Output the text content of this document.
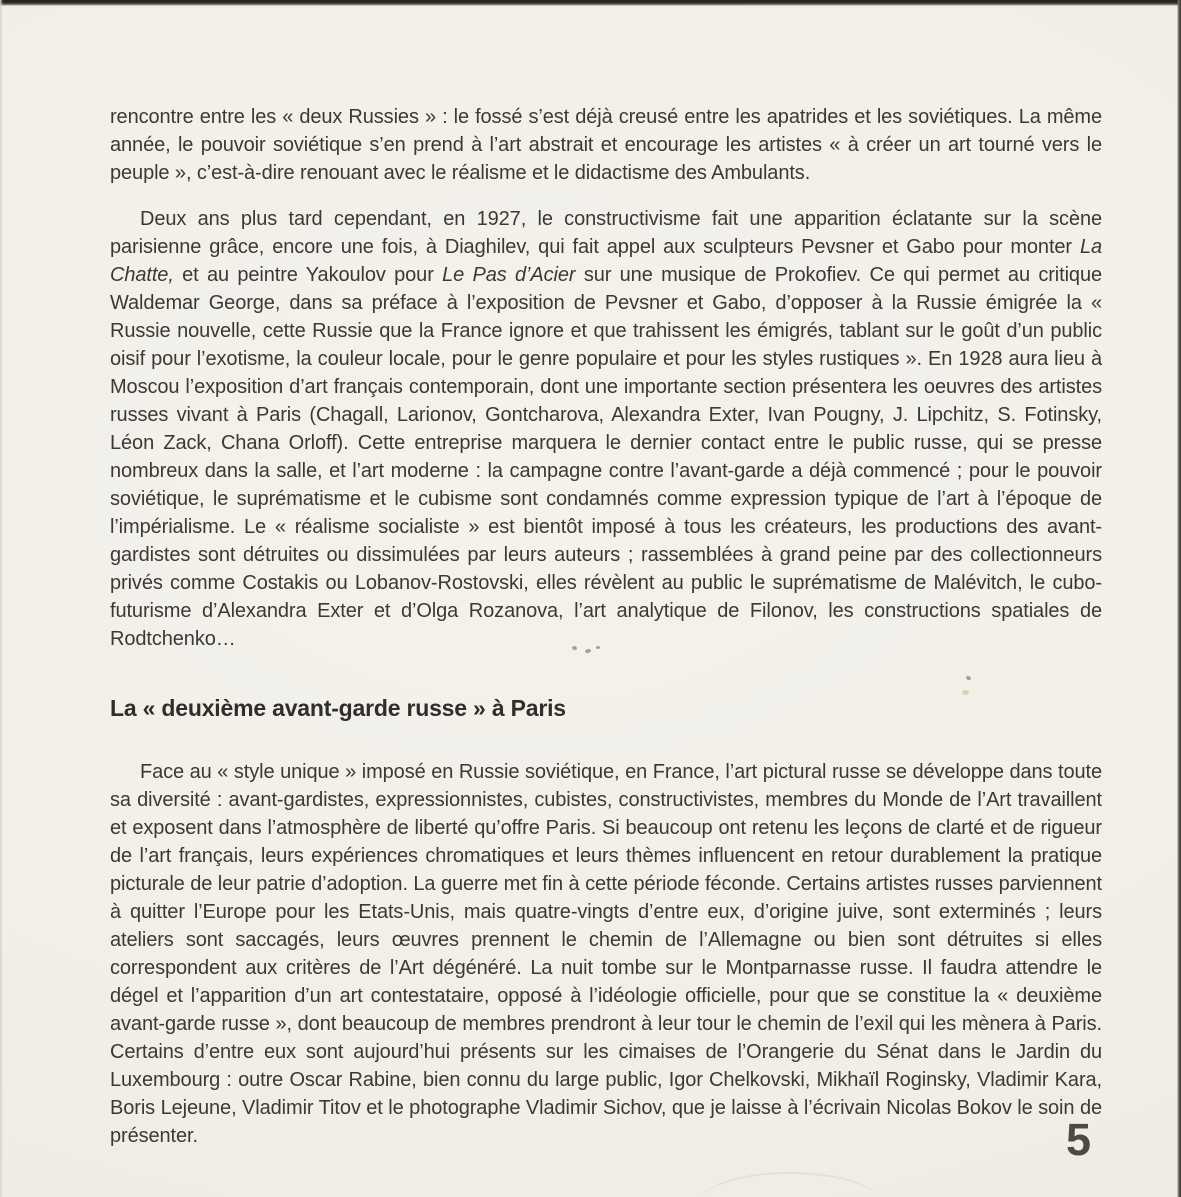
rencontre entre les « deux Russies » : le fossé s’est déjà creusé entre les apatrides et les soviétiques. La même année, le pouvoir soviétique s’en prend à l’art abstrait et encourage les artistes « à créer un art tourné vers le peuple », c’est-à-dire renouant avec le réalisme et le didactisme des Ambulants.

Deux ans plus tard cependant, en 1927, le constructivisme fait une apparition éclatante sur la scène parisienne grâce, encore une fois, à Diaghilev, qui fait appel aux sculpteurs Pevsner et Gabo pour monter La Chatte, et au peintre Yakoulov pour Le Pas d’Acier sur une musique de Prokofiev. Ce qui permet au critique Waldemar George, dans sa préface à l’exposition de Pevsner et Gabo, d’opposer à la Russie émigrée la « Russie nouvelle, cette Russie que la France ignore et que trahissent les émigrés, tablant sur le goût d’un public oisif pour l’exotisme, la couleur locale, pour le genre populaire et pour les styles rustiques ». En 1928 aura lieu à Moscou l’exposition d’art français contemporain, dont une importante section présentera les oeuvres des artistes russes vivant à Paris (Chagall, Larionov, Gontcharova, Alexandra Exter, Ivan Pougny, J. Lipchitz, S. Fotinsky, Léon Zack, Chana Orloff). Cette entreprise marquera le dernier contact entre le public russe, qui se presse nombreux dans la salle, et l’art moderne : la campagne contre l’avant-garde a déjà commencé ; pour le pouvoir soviétique, le suprématisme et le cubisme sont condamnés comme expression typique de l’art à l’époque de l’impérialisme. Le « réalisme socialiste » est bientôt imposé à tous les créateurs, les productions des avant-gardistes sont détruites ou dissimulées par leurs auteurs ; rassemblées à grand peine par des collectionneurs privés comme Costakis ou Lobanov-Rostovski, elles révèlent au public le suprématisme de Malévitch, le cubo-futurisme d’Alexandra Exter et d’Olga Rozanova, l’art analytique de Filonov, les constructions spatiales de Rodtchenko…

La « deuxième avant-garde russe » à Paris

Face au « style unique » imposé en Russie soviétique, en France, l’art pictural russe se développe dans toute sa diversité : avant-gardistes, expressionnistes, cubistes, constructivistes, membres du Monde de l’Art travaillent et exposent dans l’atmosphère de liberté qu’offre Paris. Si beaucoup ont retenu les leçons de clarté et de rigueur de l’art français, leurs expériences chromatiques et leurs thèmes influencent en retour durablement la pratique picturale de leur patrie d’adoption. La guerre met fin à cette période féconde. Certains artistes russes parviennent à quitter l’Europe pour les Etats-Unis, mais quatre-vingts d’entre eux, d’origine juive, sont exterminés ; leurs ateliers sont saccagés, leurs œuvres prennent le chemin de l’Allemagne ou bien sont détruites si elles correspondent aux critères de l’Art dégénéré. La nuit tombe sur le Montparnasse russe. Il faudra attendre le dégel et l’apparition d’un art contestataire, opposé à l’idéologie officielle, pour que se constitue la « deuxième avant-garde russe », dont beaucoup de membres prendront à leur tour le chemin de l’exil qui les mènera à Paris. Certains d’entre eux sont aujourd’hui présents sur les cimaises de l’Orangerie du Sénat dans le Jardin du Luxembourg : outre Oscar Rabine, bien connu du large public, Igor Chelkovski, Mikhaïl Roginsky, Vladimir Kara, Boris Lejeune, Vladimir Titov et le photographe Vladimir Sichov, que je laisse à l’écrivain Nicolas Bokov le soin de présenter.	5
